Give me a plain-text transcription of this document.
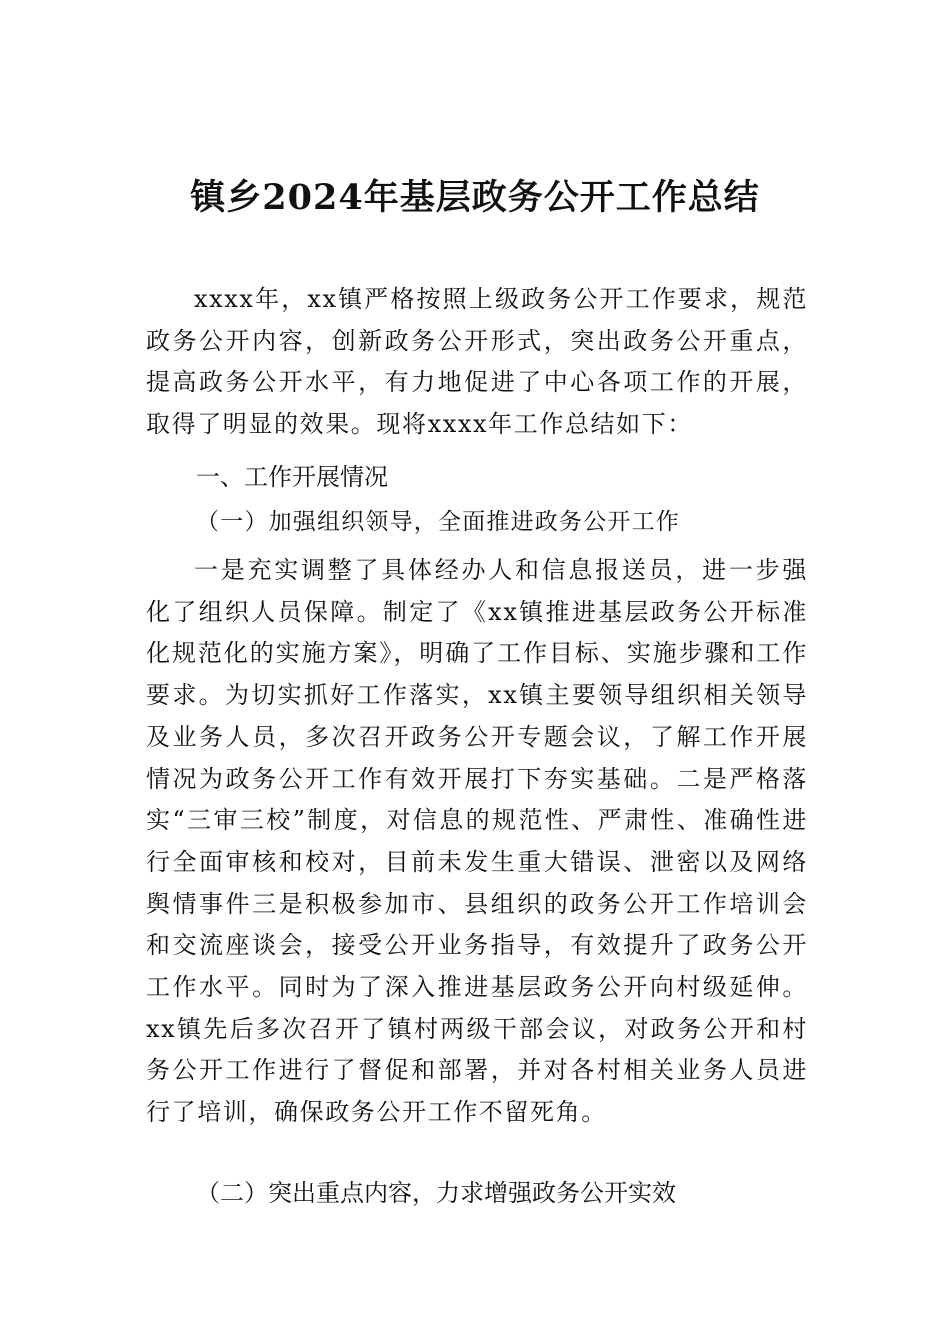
镇乡2024年基层政务公开工作总结

xxxx年，xx镇严格按照上级政务公开工作要求，规范政务公开内容，创新政务公开形式，突出政务公开重点，提高政务公开水平，有力地促进了中心各项工作的开展，取得了明显的效果。现将xxxx年工作总结如下：

一、工作开展情况
（一）加强组织领导，全面推进政务公开工作

一是充实调整了具体经办人和信息报送员，进一步强化了组织人员保障。制定了《xx镇推进基层政务公开标准化规范化的实施方案》，明确了工作目标、实施步骤和工作要求。为切实抓好工作落实，xx镇主要领导组织相关领导及业务人员，多次召开政务公开专题会议，了解工作开展情况为政务公开工作有效开展打下夯实基础。二是严格落实“三审三校”制度，对信息的规范性、严肃性、准确性进行全面审核和校对，目前未发生重大错误、泄密以及网络舆情事件三是积极参加市、县组织的政务公开工作培训会和交流座谈会，接受公开业务指导，有效提升了政务公开工作水平。同时为了深入推进基层政务公开向村级延伸。xx镇先后多次召开了镇村两级干部会议，对政务公开和村务公开工作进行了督促和部署，并对各村相关业务人员进行了培训，确保政务公开工作不留死角。

（二）突出重点内容，力求增强政务公开实效
